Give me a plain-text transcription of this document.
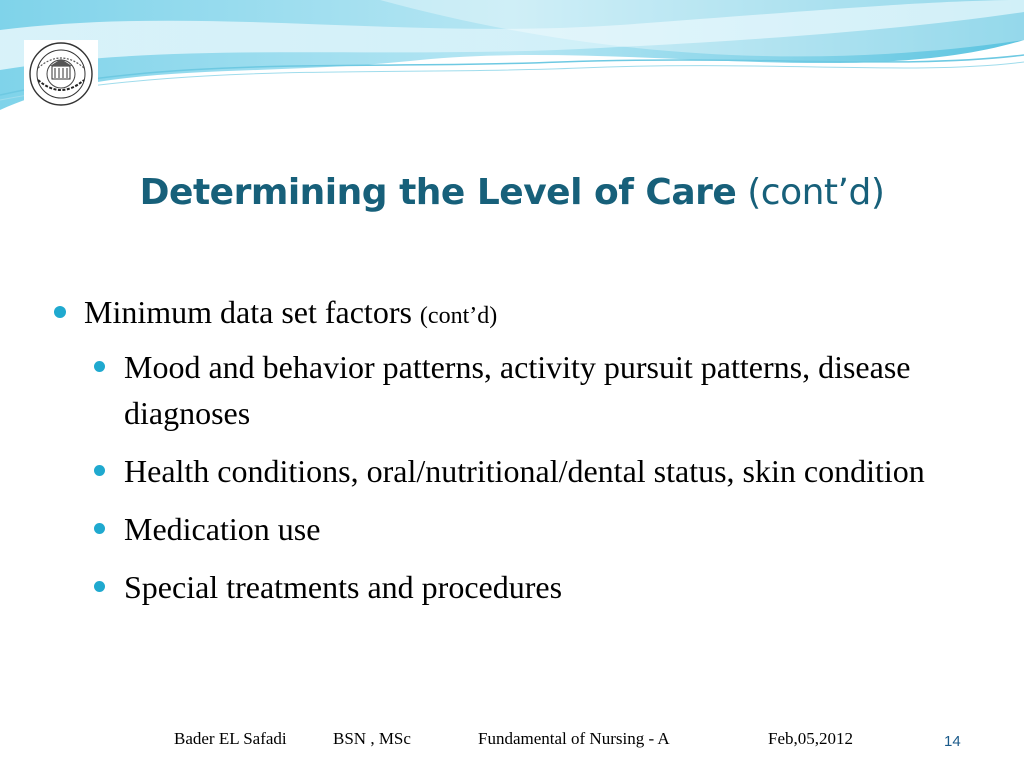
Determining the Level of Care (cont’d)
Minimum data set factors (cont’d)
Mood and behavior patterns, activity pursuit patterns, disease diagnoses
Health conditions, oral/nutritional/dental status, skin condition
Medication use
Special treatments and procedures
Bader EL Safadi	BSN , MSc	Fundamental of Nursing - A	Feb,05,2012	14
